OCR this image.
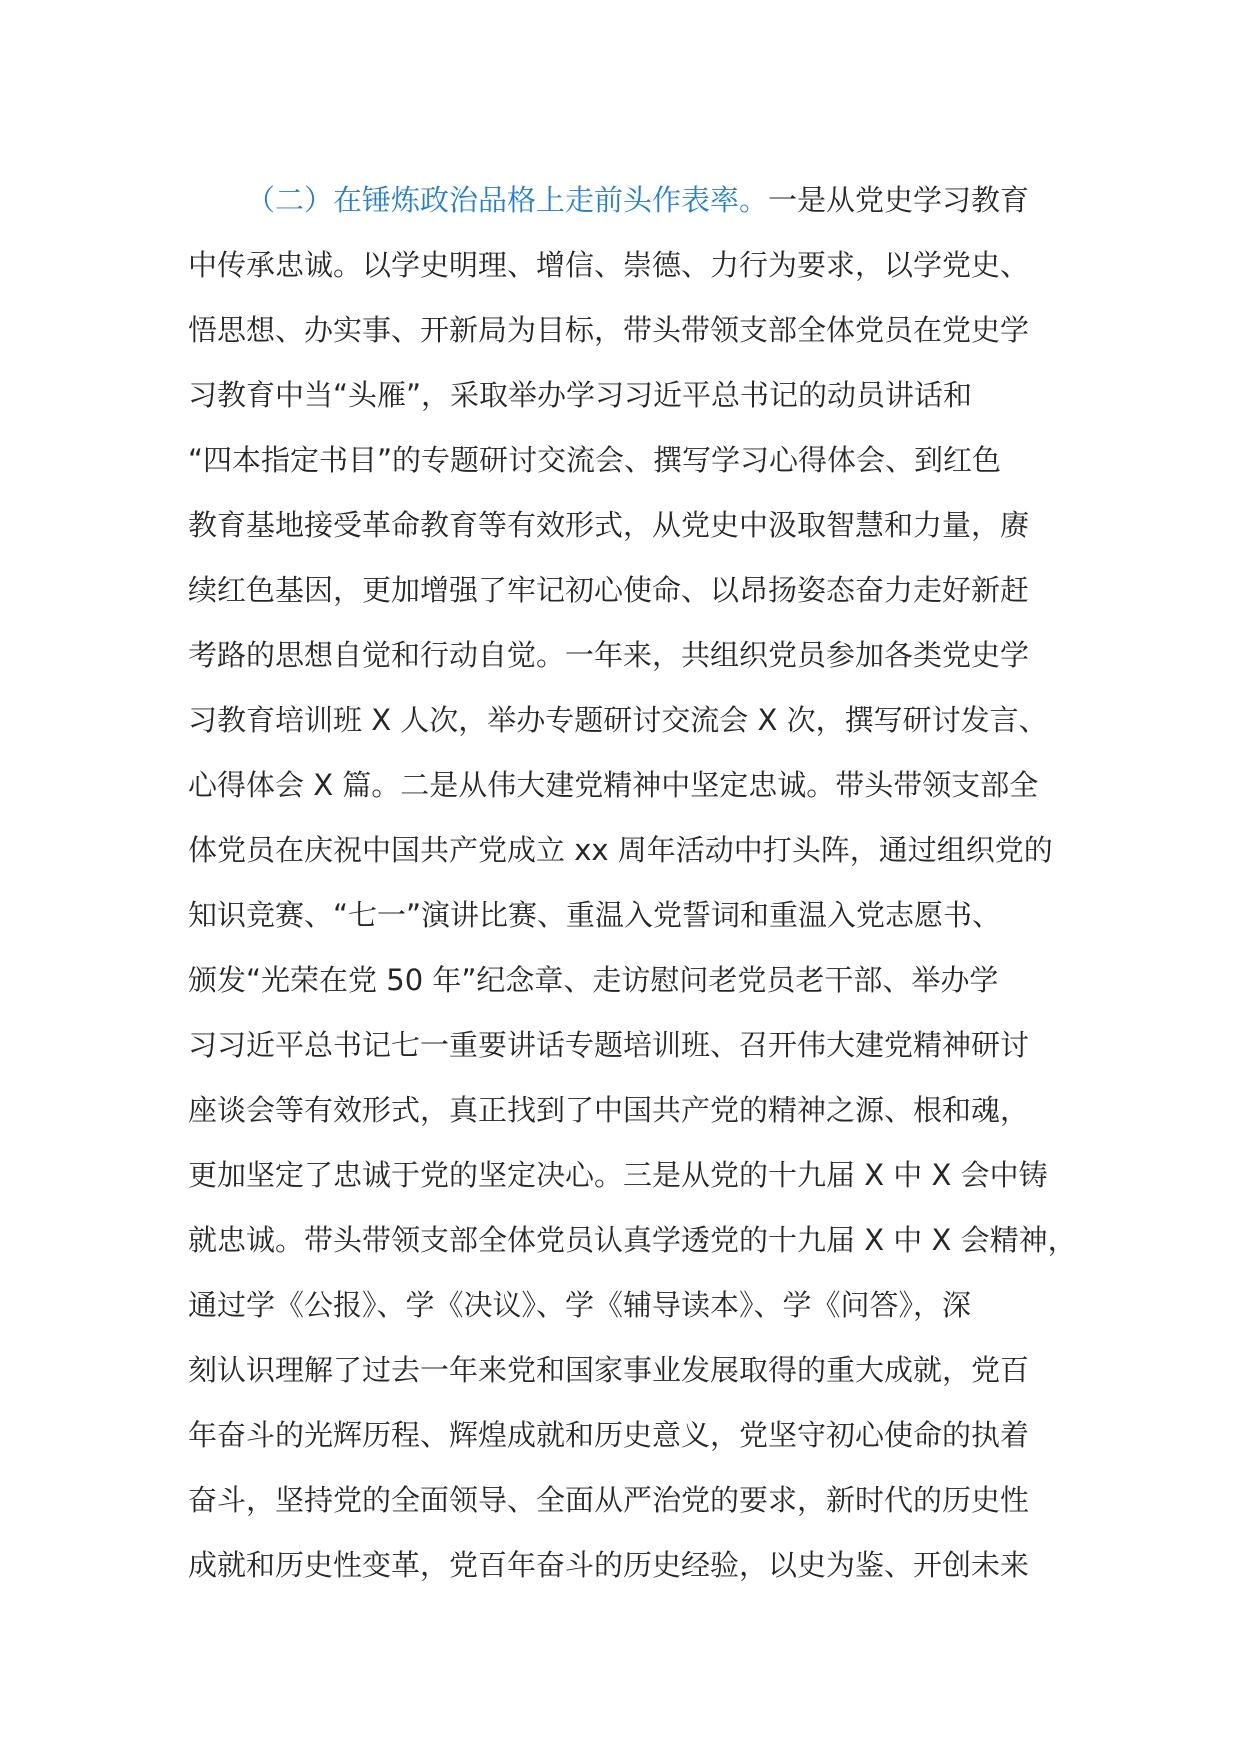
（二）在锤炼政治品格上走前头作表率。一是从党史学习教育
中传承忠诚。以学史明理、增信、崇德、力行为要求，以学党史、
悟思想、办实事、开新局为目标，带头带领支部全体党员在党史学
习教育中当“头雁”，采取举办学习习近平总书记的动员讲话和
“四本指定书目”的专题研讨交流会、撰写学习心得体会、到红色
教育基地接受革命教育等有效形式，从党史中汲取智慧和力量，赓
续红色基因，更加增强了牢记初心使命、以昂扬姿态奋力走好新赶
考路的思想自觉和行动自觉。一年来，共组织党员参加各类党史学
习教育培训班 X 人次，举办专题研讨交流会 X 次，撰写研讨发言、
心得体会 X 篇。二是从伟大建党精神中坚定忠诚。带头带领支部全
体党员在庆祝中国共产党成立 xx 周年活动中打头阵，通过组织党的
知识竞赛、“七一”演讲比赛、重温入党誓词和重温入党志愿书、
颁发“光荣在党 50 年”纪念章、走访慰问老党员老干部、举办学
习习近平总书记七一重要讲话专题培训班、召开伟大建党精神研讨
座谈会等有效形式，真正找到了中国共产党的精神之源、根和魂，
更加坚定了忠诚于党的坚定决心。三是从党的十九届 X 中 X 会中铸
就忠诚。带头带领支部全体党员认真学透党的十九届 X 中 X 会精神，
通过学《公报》、学《决议》、学《辅导读本》、学《问答》，深
刻认识理解了过去一年来党和国家事业发展取得的重大成就，党百
年奋斗的光辉历程、辉煌成就和历史意义，党坚守初心使命的执着
奋斗，坚持党的全面领导、全面从严治党的要求，新时代的历史性
成就和历史性变革，党百年奋斗的历史经验，以史为鉴、开创未来
